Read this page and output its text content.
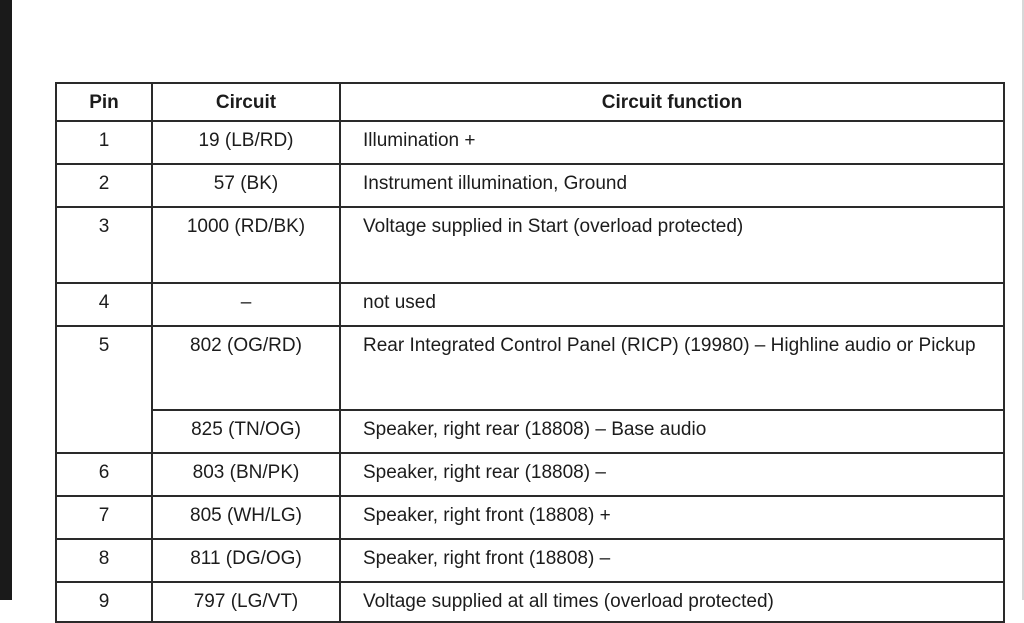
Pin	Circuit	Circuit function
1	19 (LB/RD)	Illumination +
2	57 (BK)	Instrument illumination, Ground
3	1000 (RD/BK)	Voltage supplied in Start (overload protected)
4	–	not used
5	802 (OG/RD)	Rear Integrated Control Panel (RICP) (19980) – Highline audio or Pickup
	825 (TN/OG)	Speaker, right rear (18808) – Base audio
6	803 (BN/PK)	Speaker, right rear (18808) –
7	805 (WH/LG)	Speaker, right front (18808) +
8	811 (DG/OG)	Speaker, right front (18808) –
9	797 (LG/VT)	Voltage supplied at all times (overload protected)
